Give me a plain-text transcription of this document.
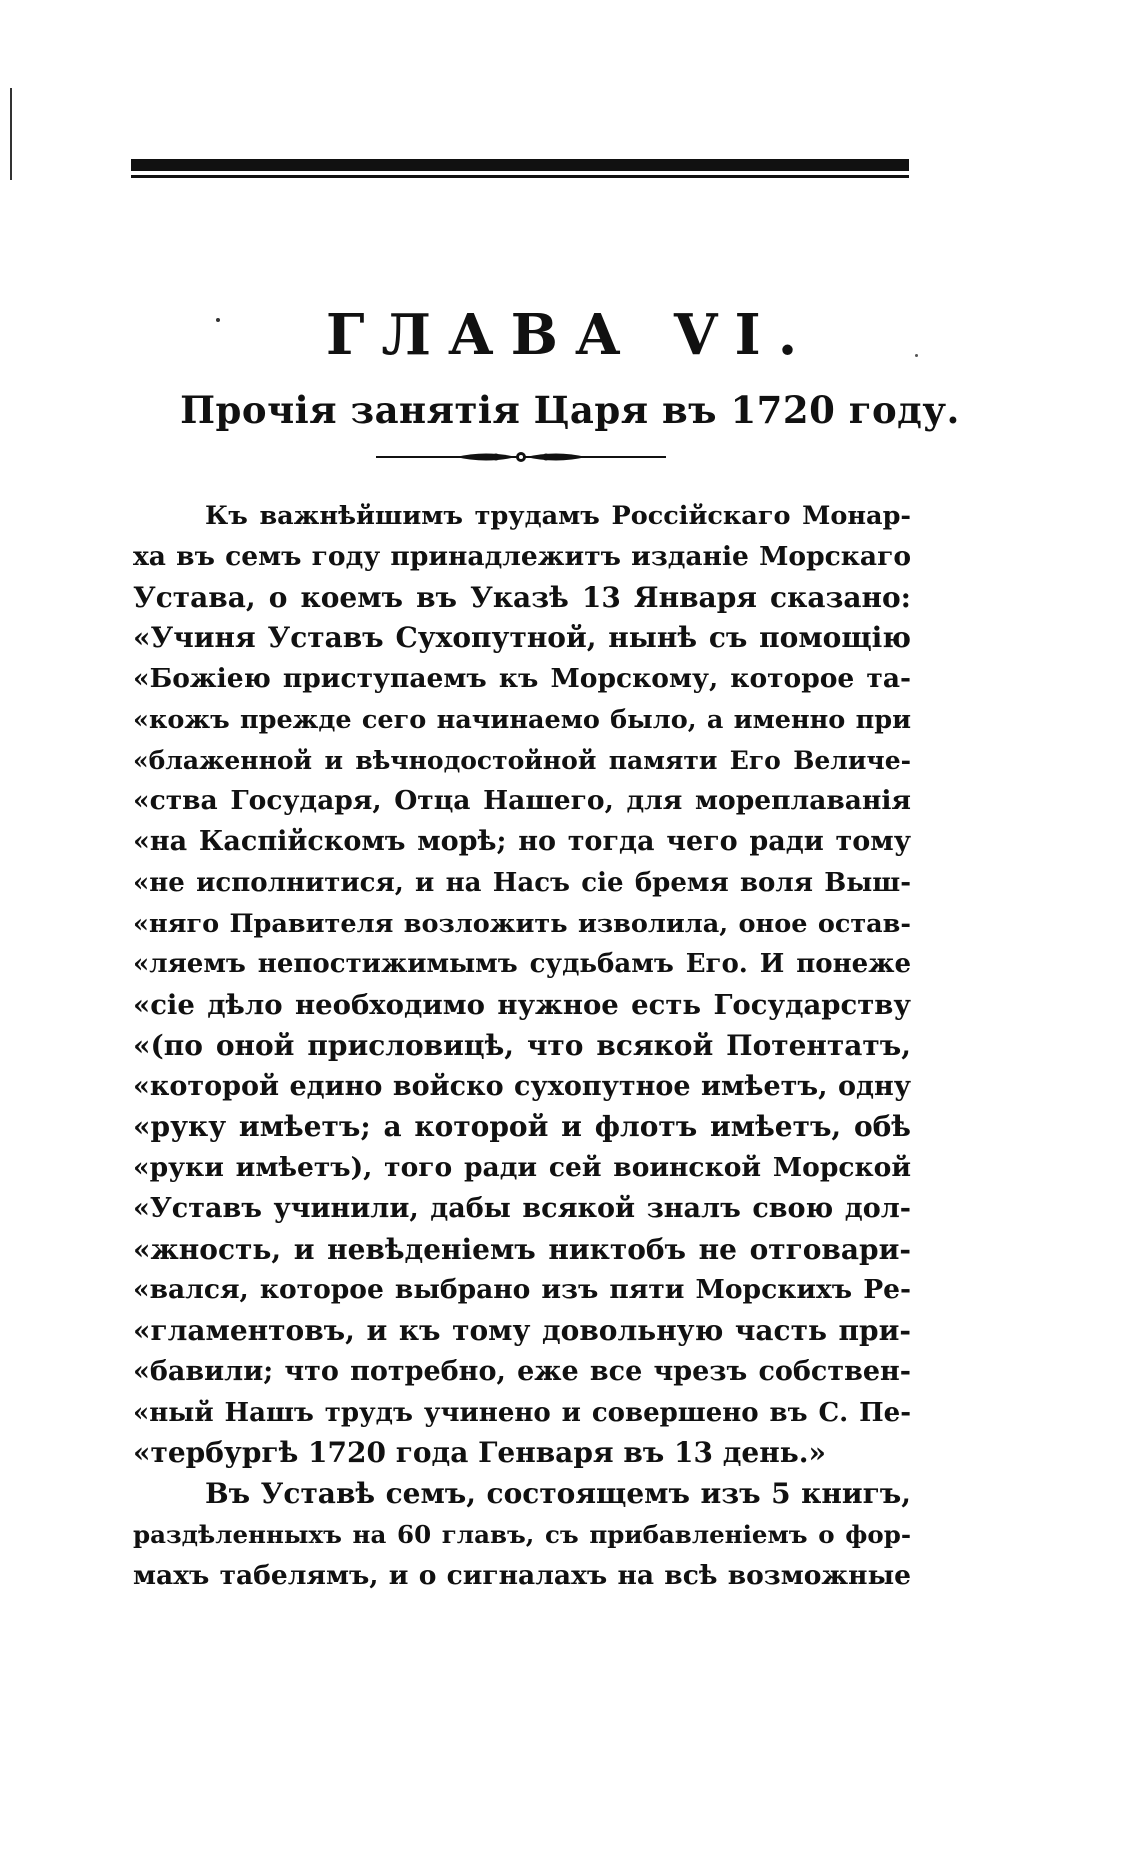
ГЛАВА VI.
Прочія занятія Царя въ 1720 году.
Къ важнѣйшимъ трудамъ Россійскаго Монар-
ха въ семъ году принадлежитъ изданіе Морскаго
Устава, о коемъ въ Указѣ 13 Января сказано:
«Учиня Уставъ Сухопутной, нынѣ съ помощію
«Божіею приступаемъ къ Морскому, которое та-
«кожъ прежде сего начинаемо было, а именно при
«блаженной и вѣчнодостойной памяти Его Величе-
«ства Государя, Отца Нашего, для мореплаванія
«на Каспійскомъ морѣ; но тогда чего ради тому
«не исполнитися, и на Насъ сіе бремя воля Выш-
«няго Правителя возложить изволила, оное остав-
«ляемъ непостижимымъ судьбамъ Его. И понеже
«сіе дѣло необходимо нужное есть Государству
«(по оной присловицѣ, что всякой Потентатъ,
«которой едино войско сухопутное имѣетъ, одну
«руку имѣетъ; а которой и флотъ имѣетъ, обѣ
«руки имѣетъ), того ради сей воинской Морской
«Уставъ учинили, дабы всякой зналъ свою дол-
«жность, и невѣденіемъ никтобъ не отговари-
«вался, которое выбрано изъ пяти Морскихъ Ре-
«гламентовъ, и къ тому довольную часть при-
«бавили; что потребно, еже все чрезъ собствен-
«ный Нашъ трудъ учинено и совершено въ С. Пе-
«тербургѣ 1720 года Генваря въ 13 день.»
Въ Уставѣ семъ, состоящемъ изъ 5 книгъ,
раздѣленныхъ на 60 главъ, съ прибавленіемъ о фор-
махъ табелямъ, и о сигналахъ на всѣ возможные
